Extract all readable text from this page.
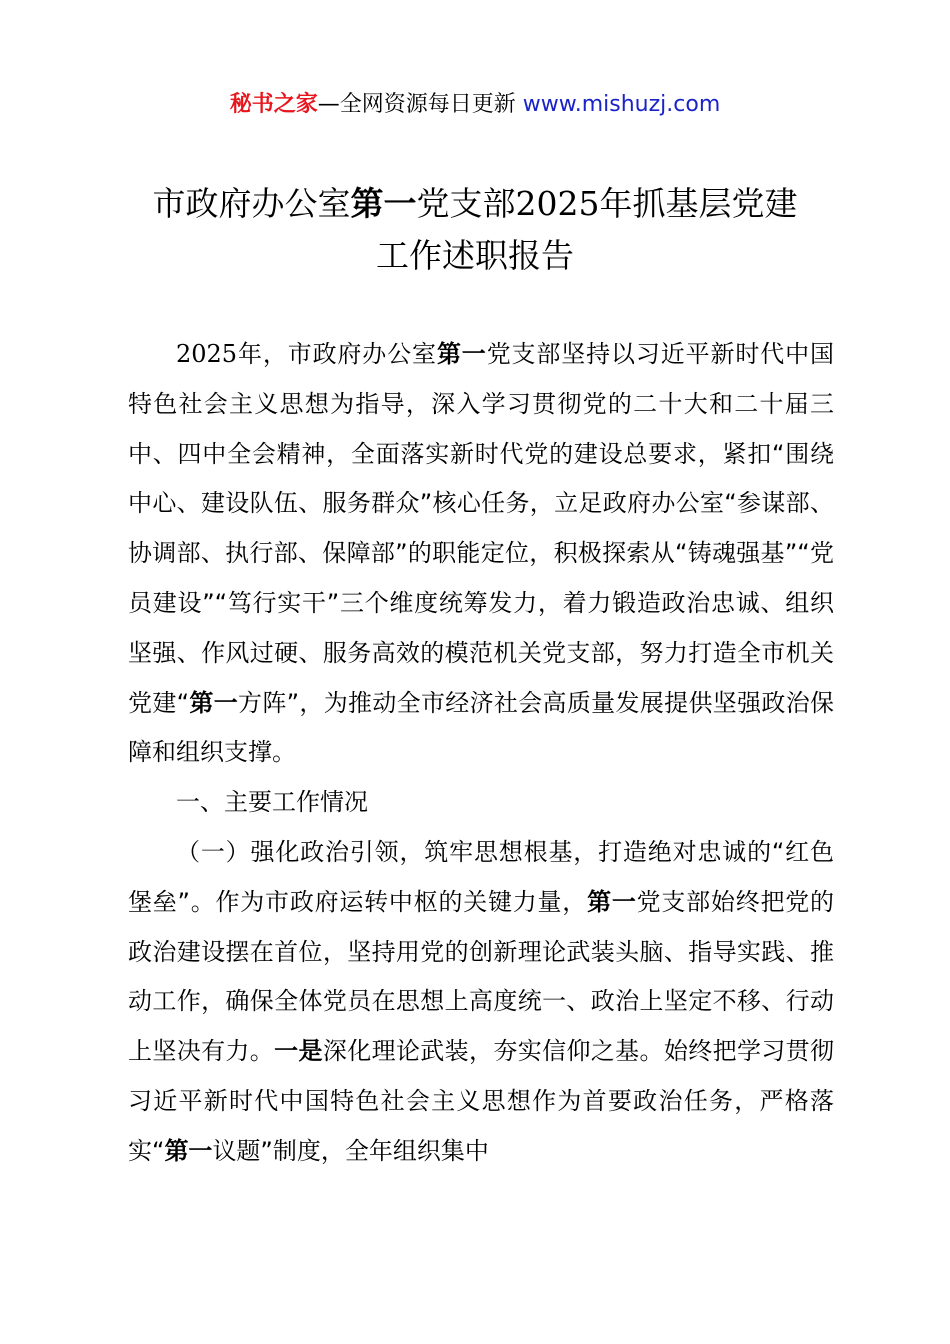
秘书之家—全网资源每日更新 www.mishuzj.com
市政府办公室第一党支部2025年抓基层党建
工作述职报告

2025年，市政府办公室第一党支部坚持以习近平新时代中国特色社会主义思想为指导，深入学习贯彻党的二十大和二十届三中、四中全会精神，全面落实新时代党的建设总要求，紧扣“围绕中心、建设队伍、服务群众”核心任务，立足政府办公室“参谋部、协调部、执行部、保障部”的职能定位，积极探索从“铸魂强基”“党员建设”“笃行实干”三个维度统筹发力，着力锻造政治忠诚、组织坚强、作风过硬、服务高效的模范机关党支部，努力打造全市机关党建“第一方阵”，为推动全市经济社会高质量发展提供坚强政治保障和组织支撑。

一、主要工作情况

（一）强化政治引领，筑牢思想根基，打造绝对忠诚的“红色堡垒”。作为市政府运转中枢的关键力量，第一党支部始终把党的政治建设摆在首位，坚持用党的创新理论武装头脑、指导实践、推动工作，确保全体党员在思想上高度统一、政治上坚定不移、行动上坚决有力。一是深化理论武装，夯实信仰之基。始终把学习贯彻习近平新时代中国特色社会主义思想作为首要政治任务，严格落实“第一议题”制度，全年组织集中
